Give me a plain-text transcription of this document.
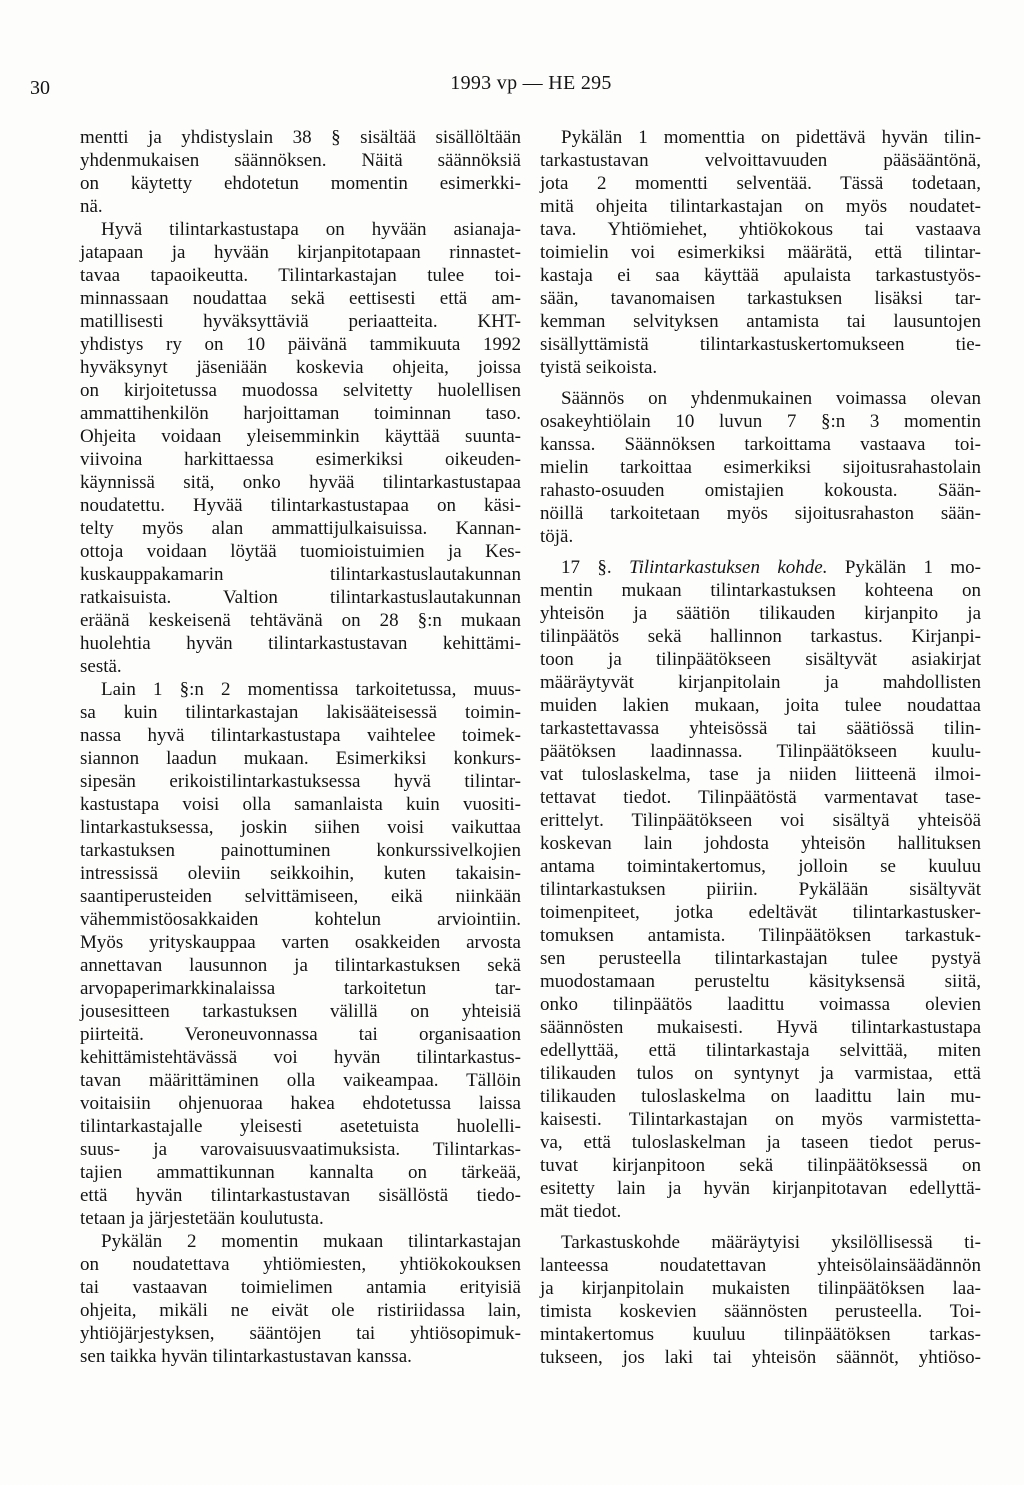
30	1993 vp — HE 295
mentti ja yhdistyslain 38 § sisältää sisällöltään
yhdenmukaisen säännöksen. Näitä säännöksiä
on käytetty ehdotetun momentin esimerkki-
nä.
Hyvä tilintarkastustapa on hyvään asianaja-
jatapaan ja hyvään kirjanpitotapaan rinnastet-
tavaa tapaoikeutta. Tilintarkastajan tulee toi-
minnassaan noudattaa sekä eettisesti että am-
matillisesti hyväksyttäviä periaatteita. KHT-
yhdistys ry on 10 päivänä tammikuuta 1992
hyväksynyt jäseniään koskevia ohjeita, joissa
on kirjoitetussa muodossa selvitetty huolellisen
ammattihenkilön harjoittaman toiminnan taso.
Ohjeita voidaan yleisemminkin käyttää suunta-
viivoina harkittaessa esimerkiksi oikeuden-
käynnissä sitä, onko hyvää tilintarkastustapaa
noudatettu. Hyvää tilintarkastustapaa on käsi-
telty myös alan ammattijulkaisuissa. Kannan-
ottoja voidaan löytää tuomioistuimien ja Kes-
kuskauppakamarin tilintarkastuslautakunnan
ratkaisuista. Valtion tilintarkastuslautakunnan
eräänä keskeisenä tehtävänä on 28 §:n mukaan
huolehtia hyvän tilintarkastustavan kehittämi-
sestä.
Lain 1 §:n 2 momentissa tarkoitetussa, muus-
sa kuin tilintarkastajan lakisääteisessä toimin-
nassa hyvä tilintarkastustapa vaihtelee toimek-
siannon laadun mukaan. Esimerkiksi konkurs-
sipesän erikoistilintarkastuksessa hyvä tilintar-
kastustapa voisi olla samanlaista kuin vuositi-
lintarkastuksessa, joskin siihen voisi vaikuttaa
tarkastuksen painottuminen konkurssivelkojien
intressissä oleviin seikkoihin, kuten takaisin-
saantiperusteiden selvittämiseen, eikä niinkään
vähemmistöosakkaiden kohtelun arviointiin.
Myös yrityskauppaa varten osakkeiden arvosta
annettavan lausunnon ja tilintarkastuksen sekä
arvopaperimarkkinalaissa tarkoitetun tar-
jousesitteen tarkastuksen välillä on yhteisiä
piirteitä. Veroneuvonnassa tai organisaation
kehittämistehtävässä voi hyvän tilintarkastus-
tavan määrittäminen olla vaikeampaa. Tällöin
voitaisiin ohjenuoraa hakea ehdotetussa laissa
tilintarkastajalle yleisesti asetetuista huolelli-
suus- ja varovaisuusvaatimuksista. Tilintarkas-
tajien ammattikunnan kannalta on tärkeää,
että hyvän tilintarkastustavan sisällöstä tiedo-
tetaan ja järjestetään koulutusta.
Pykälän 2 momentin mukaan tilintarkastajan
on noudatettava yhtiömiesten, yhtiökokouksen
tai vastaavan toimielimen antamia erityisiä
ohjeita, mikäli ne eivät ole ristiriidassa lain,
yhtiöjärjestyksen, sääntöjen tai yhtiösopimuk-
sen taikka hyvän tilintarkastustavan kanssa.
Pykälän 1 momenttia on pidettävä hyvän tilin-
tarkastustavan velvoittavuuden pääsääntönä,
jota 2 momentti selventää. Tässä todetaan,
mitä ohjeita tilintarkastajan on myös noudatet-
tava. Yhtiömiehet, yhtiökokous tai vastaava
toimielin voi esimerkiksi määrätä, että tilintar-
kastaja ei saa käyttää apulaista tarkastustyös-
sään, tavanomaisen tarkastuksen lisäksi tar-
kemman selvityksen antamista tai lausuntojen
sisällyttämistä tilintarkastuskertomukseen tie-
tyistä seikoista.
Säännös on yhdenmukainen voimassa olevan
osakeyhtiölain 10 luvun 7 §:n 3 momentin
kanssa. Säännöksen tarkoittama vastaava toi-
mielin tarkoittaa esimerkiksi sijoitusrahastolain
rahasto-osuuden omistajien kokousta. Sään-
nöillä tarkoitetaan myös sijoitusrahaston sään-
töjä.
17 §. Tilintarkastuksen kohde. Pykälän 1 mo-
mentin mukaan tilintarkastuksen kohteena on
yhteisön ja säätiön tilikauden kirjanpito ja
tilinpäätös sekä hallinnon tarkastus. Kirjanpi-
toon ja tilinpäätökseen sisältyvät asiakirjat
määräytyvät kirjanpitolain ja mahdollisten
muiden lakien mukaan, joita tulee noudattaa
tarkastettavassa yhteisössä tai säätiössä tilin-
päätöksen laadinnassa. Tilinpäätökseen kuulu-
vat tuloslaskelma, tase ja niiden liitteenä ilmoi-
tettavat tiedot. Tilinpäätöstä varmentavat tase-
erittelyt. Tilinpäätökseen voi sisältyä yhteisöä
koskevan lain johdosta yhteisön hallituksen
antama toimintakertomus, jolloin se kuuluu
tilintarkastuksen piiriin. Pykälään sisältyvät
toimenpiteet, jotka edeltävät tilintarkastusker-
tomuksen antamista. Tilinpäätöksen tarkastuk-
sen perusteella tilintarkastajan tulee pystyä
muodostamaan perusteltu käsityksensä siitä,
onko tilinpäätös laadittu voimassa olevien
säännösten mukaisesti. Hyvä tilintarkastustapa
edellyttää, että tilintarkastaja selvittää, miten
tilikauden tulos on syntynyt ja varmistaa, että
tilikauden tuloslaskelma on laadittu lain mu-
kaisesti. Tilintarkastajan on myös varmistetta-
va, että tuloslaskelman ja taseen tiedot perus-
tuvat kirjanpitoon sekä tilinpäätöksessä on
esitetty lain ja hyvän kirjanpitotavan edellyttä-
mät tiedot.
Tarkastuskohde määräytyisi yksilöllisessä ti-
lanteessa noudatettavan yhteisölainsäädännön
ja kirjanpitolain mukaisten tilinpäätöksen laa-
timista koskevien säännösten perusteella. Toi-
mintakertomus kuuluu tilinpäätöksen tarkas-
tukseen, jos laki tai yhteisön säännöt, yhtiöso-
